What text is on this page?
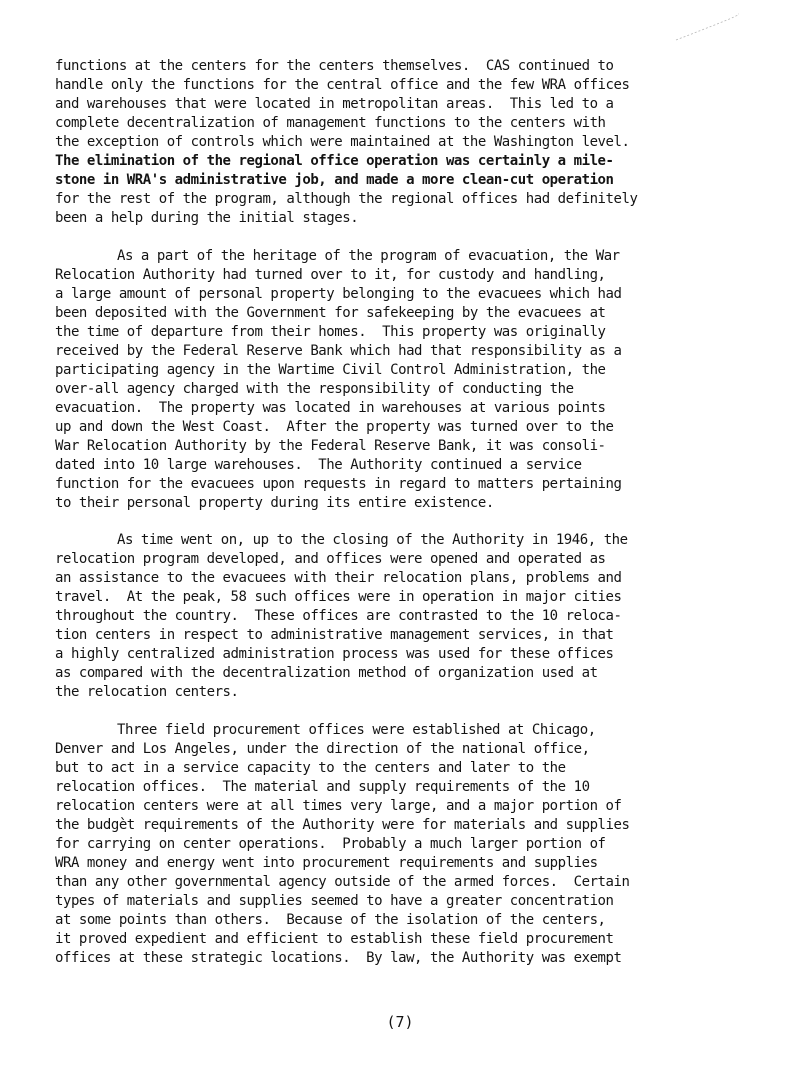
functions at the centers for the centers themselves.  CAS continued to
handle only the functions for the central office and the few WRA offices
and warehouses that were located in metropolitan areas.  This led to a
complete decentralization of management functions to the centers with
the exception of controls which were maintained at the Washington level.
The elimination of the regional office operation was certainly a mile-
stone in WRA's administrative job, and made a more clean-cut operation
for the rest of the program, although the regional offices had definitely
been a help during the initial stages.
As a part of the heritage of the program of evacuation, the War
Relocation Authority had turned over to it, for custody and handling,
a large amount of personal property belonging to the evacuees which had
been deposited with the Government for safekeeping by the evacuees at
the time of departure from their homes.  This property was originally
received by the Federal Reserve Bank which had that responsibility as a
participating agency in the Wartime Civil Control Administration, the
over-all agency charged with the responsibility of conducting the
evacuation.  The property was located in warehouses at various points
up and down the West Coast.  After the property was turned over to the
War Relocation Authority by the Federal Reserve Bank, it was consoli-
dated into 10 large warehouses.  The Authority continued a service
function for the evacuees upon requests in regard to matters pertaining
to their personal property during its entire existence.
As time went on, up to the closing of the Authority in 1946, the
relocation program developed, and offices were opened and operated as
an assistance to the evacuees with their relocation plans, problems and
travel.  At the peak, 58 such offices were in operation in major cities
throughout the country.  These offices are contrasted to the 10 reloca-
tion centers in respect to administrative management services, in that
a highly centralized administration process was used for these offices
as compared with the decentralization method of organization used at
the relocation centers.
Three field procurement offices were established at Chicago,
Denver and Los Angeles, under the direction of the national office,
but to act in a service capacity to the centers and later to the
relocation offices.  The material and supply requirements of the 10
relocation centers were at all times very large, and a major portion of
the budgèt requirements of the Authority were for materials and supplies
for carrying on center operations.  Probably a much larger portion of
WRA money and energy went into procurement requirements and supplies
than any other governmental agency outside of the armed forces.  Certain
types of materials and supplies seemed to have a greater concentration
at some points than others.  Because of the isolation of the centers,
it proved expedient and efficient to establish these field procurement
offices at these strategic locations.  By law, the Authority was exempt
(7)
